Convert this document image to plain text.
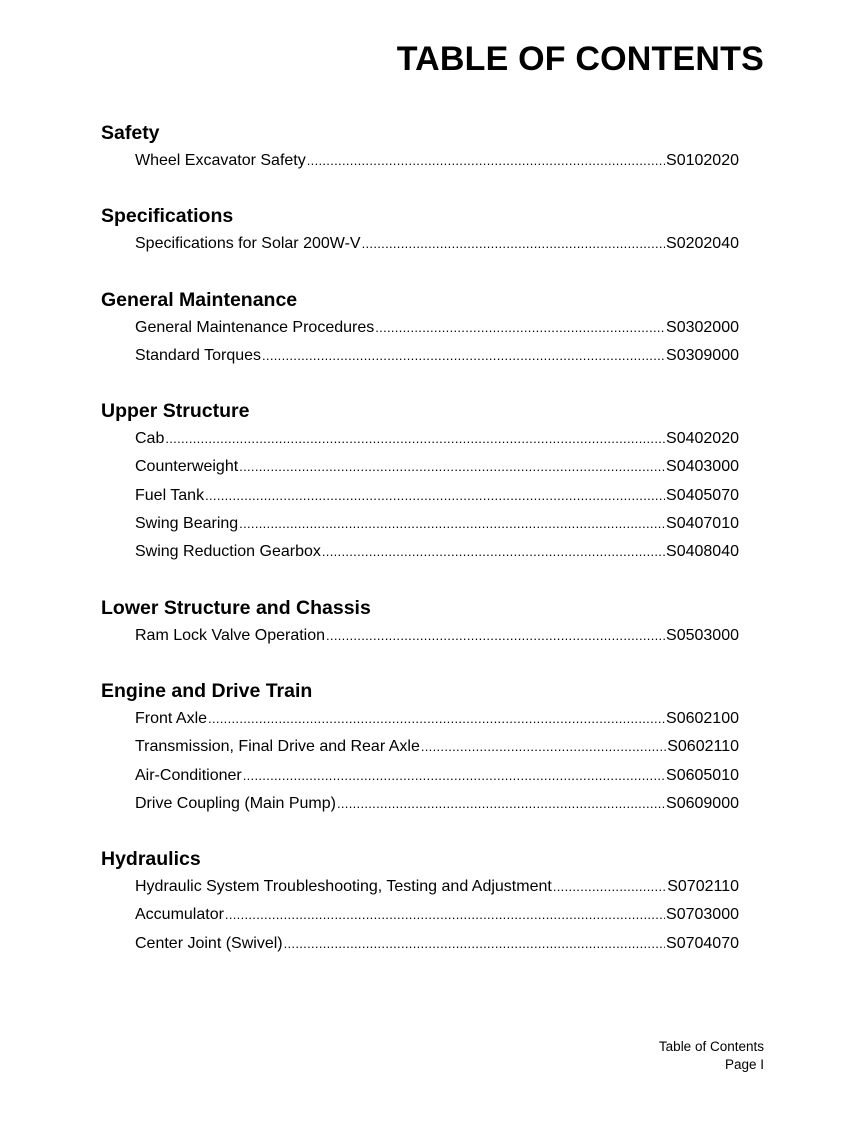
TABLE OF CONTENTS
Safety
Wheel Excavator Safety .....	S0102020
Specifications
Specifications for Solar 200W-V .....	S0202040
General Maintenance
General Maintenance Procedures .....	S0302000
Standard Torques .....	S0309000
Upper Structure
Cab .....	S0402020
Counterweight .....	S0403000
Fuel Tank .....	S0405070
Swing Bearing .....	S0407010
Swing Reduction Gearbox .....	S0408040
Lower Structure and Chassis
Ram Lock Valve Operation .....	S0503000
Engine and Drive Train
Front Axle .....	S0602100
Transmission, Final Drive and Rear Axle .....	S0602110
Air-Conditioner .....	S0605010
Drive Coupling (Main Pump) .....	S0609000
Hydraulics
Hydraulic System Troubleshooting, Testing and Adjustment .....	S0702110
Accumulator .....	S0703000
Center Joint (Swivel) .....	S0704070
Table of Contents
Page I
